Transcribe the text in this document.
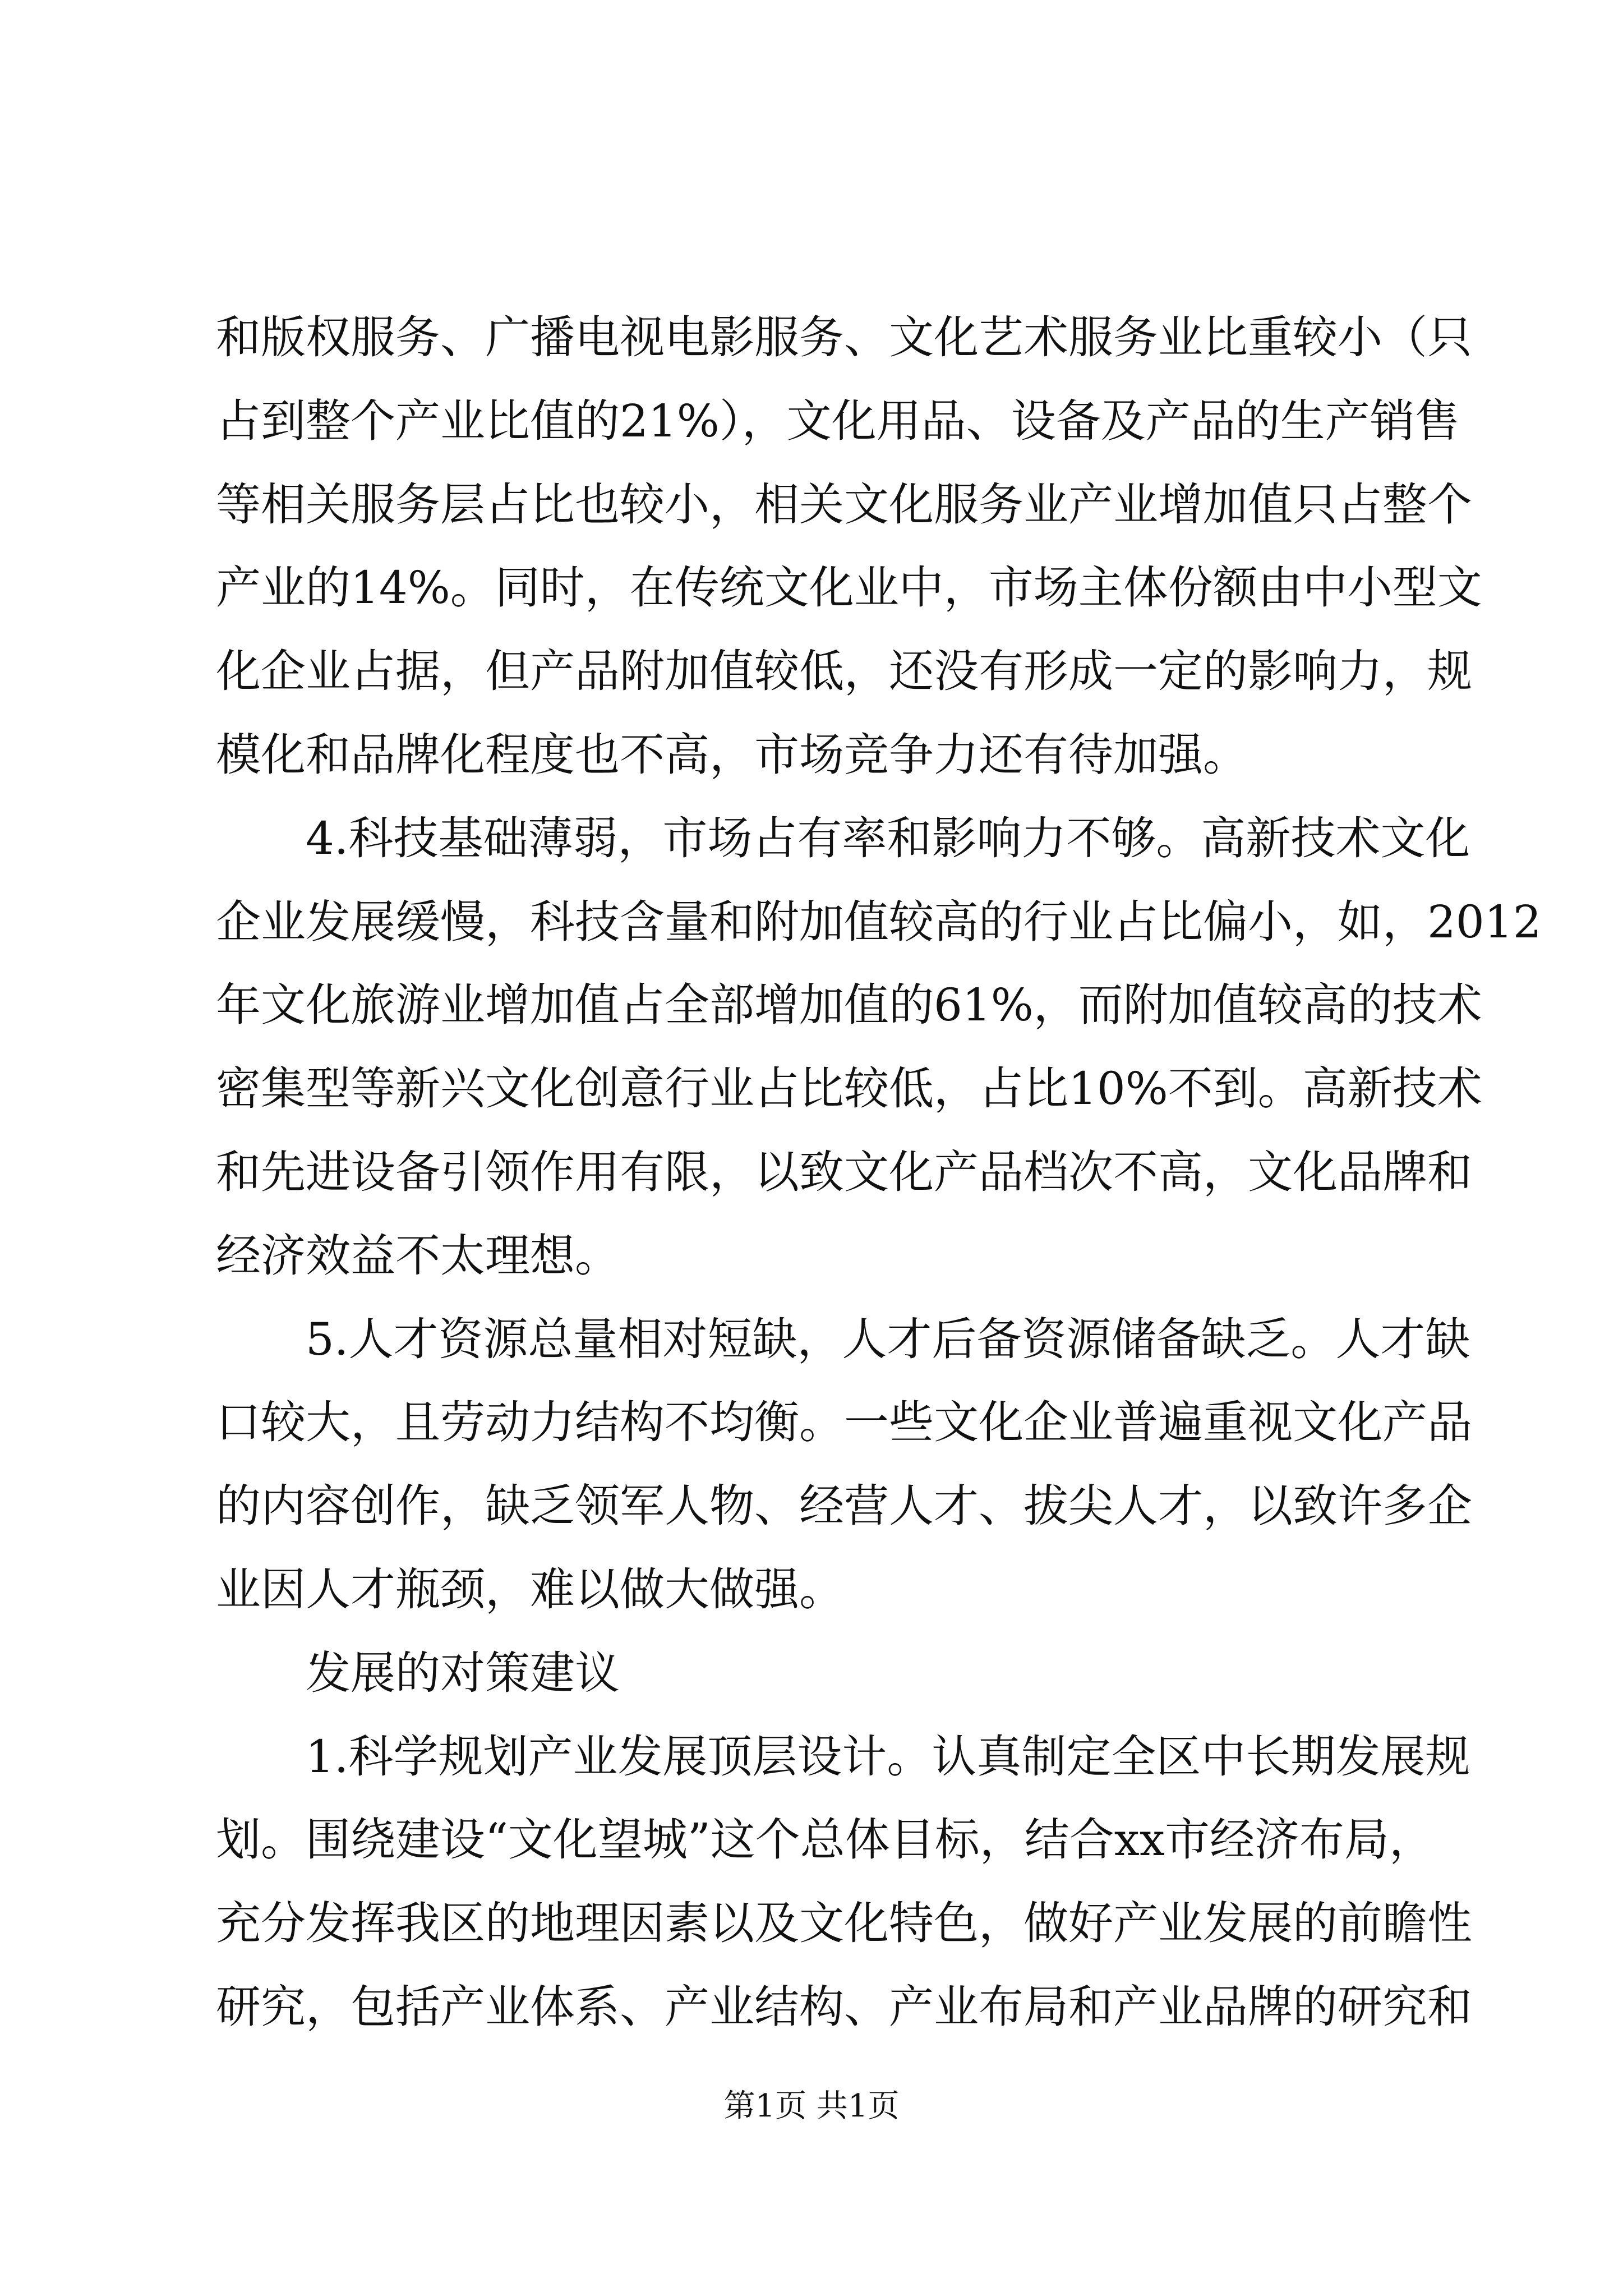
和版权服务、广播电视电影服务、文化艺术服务业比重较小（只
占到整个产业比值的21%），文化用品、设备及产品的生产销售
等相关服务层占比也较小，相关文化服务业产业增加值只占整个
产业的14%。同时，在传统文化业中，市场主体份额由中小型文
化企业占据，但产品附加值较低，还没有形成一定的影响力，规
模化和品牌化程度也不高，市场竞争力还有待加强。
　　4.科技基础薄弱，市场占有率和影响力不够。高新技术文化
企业发展缓慢，科技含量和附加值较高的行业占比偏小，如，2012
年文化旅游业增加值占全部增加值的61%，而附加值较高的技术
密集型等新兴文化创意行业占比较低，占比10%不到。高新技术
和先进设备引领作用有限，以致文化产品档次不高，文化品牌和
经济效益不太理想。
　　5.人才资源总量相对短缺，人才后备资源储备缺乏。人才缺
口较大，且劳动力结构不均衡。一些文化企业普遍重视文化产品
的内容创作，缺乏领军人物、经营人才、拔尖人才，以致许多企
业因人才瓶颈，难以做大做强。
　　发展的对策建议
　　1.科学规划产业发展顶层设计。认真制定全区中长期发展规
划。围绕建设“文化望城”这个总体目标，结合xx市经济布局，
充分发挥我区的地理因素以及文化特色，做好产业发展的前瞻性
研究，包括产业体系、产业结构、产业布局和产业品牌的研究和
第1页 共1页
